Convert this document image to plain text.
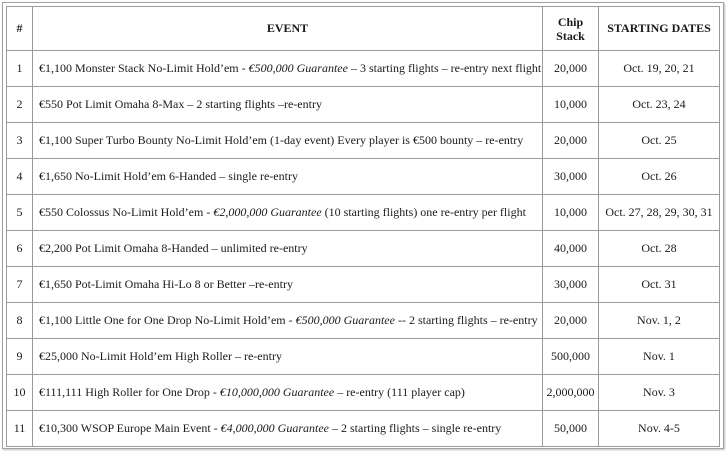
#	EVENT	Chip Stack	STARTING DATES
1	€1,100 Monster Stack No-Limit Hold’em - €500,000 Guarantee – 3 starting flights – re-entry next flight	20,000	Oct. 19, 20, 21
2	€550 Pot Limit Omaha 8-Max – 2 starting flights –re-entry	10,000	Oct. 23, 24
3	€1,100 Super Turbo Bounty No-Limit Hold’em (1-day event) Every player is €500 bounty – re-entry	20,000	Oct. 25
4	€1,650 No-Limit Hold’em 6-Handed – single re-entry	30,000	Oct. 26
5	€550 Colossus No-Limit Hold’em - €2,000,000 Guarantee (10 starting flights) one re-entry per flight	10,000	Oct. 27, 28, 29, 30, 31
6	€2,200 Pot Limit Omaha 8-Handed – unlimited re-entry	40,000	Oct. 28
7	€1,650 Pot-Limit Omaha Hi-Lo 8 or Better –re-entry	30,000	Oct. 31
8	€1,100 Little One for One Drop No-Limit Hold’em - €500,000 Guarantee -- 2 starting flights – re-entry	20,000	Nov. 1, 2
9	€25,000 No-Limit Hold’em High Roller – re-entry	500,000	Nov. 1
10	€111,111 High Roller for One Drop - €10,000,000 Guarantee – re-entry (111 player cap)	2,000,000	Nov. 3
11	€10,300 WSOP Europe Main Event - €4,000,000 Guarantee – 2 starting flights – single re-entry	50,000	Nov. 4-5
